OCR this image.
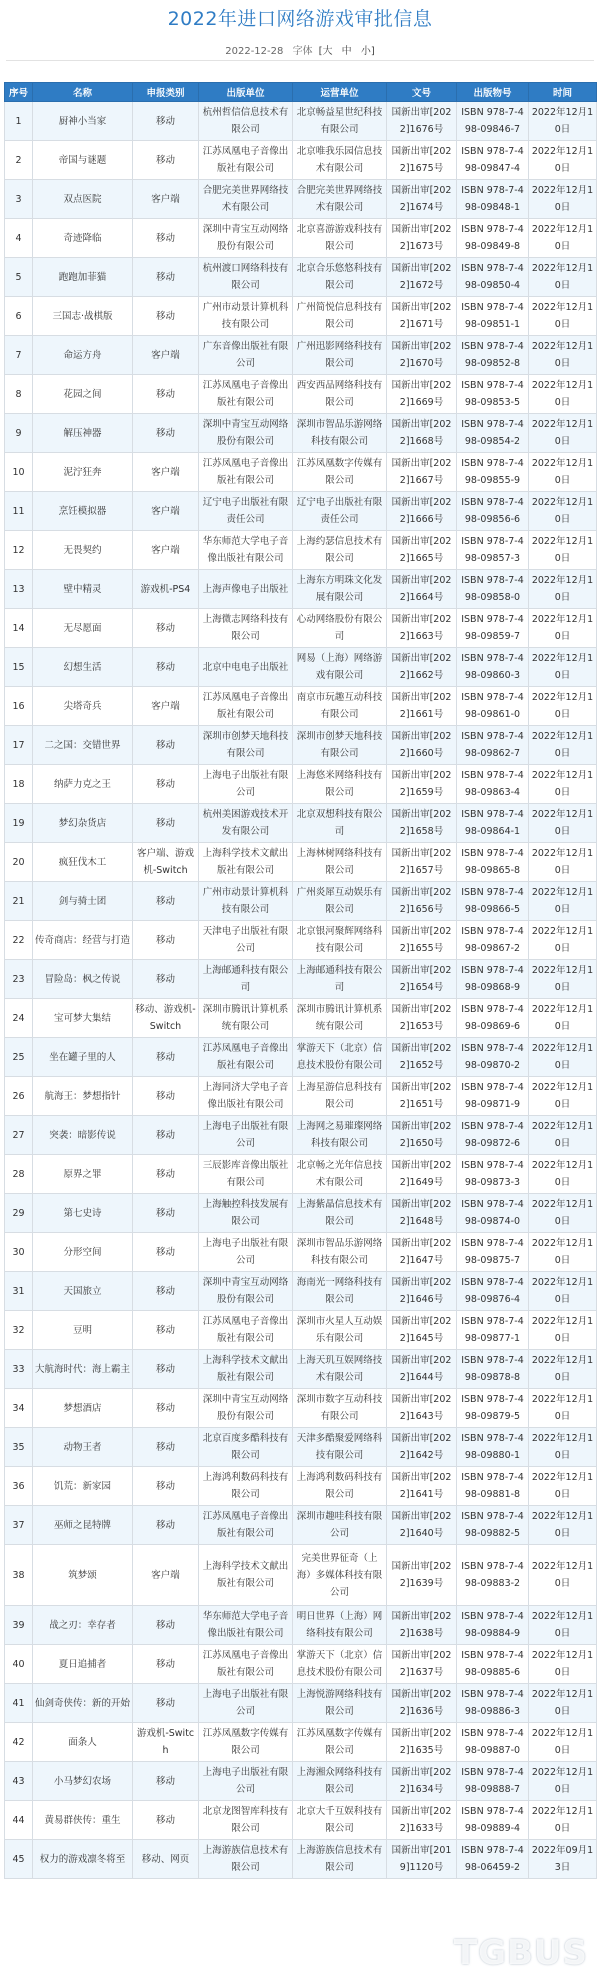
2022年进口网络游戏审批信息
2022-12-28 字体 [大 中 小]
序号	名称	申报类别	出版单位	运营单位	文号	出版物号	时间
1	厨神小当家	移动	杭州哲信信息技术有限公司	北京畅益星世纪科技有限公司	国新出审[2022]1676号	ISBN 978-7-498-09846-7	2022年12月10日
2	帝国与谜题	移动	江苏凤凰电子音像出版社有限公司	北京唯我乐园信息技术有限公司	国新出审[2022]1675号	ISBN 978-7-498-09847-4	2022年12月10日
3	双点医院	客户端	合肥完美世界网络技术有限公司	合肥完美世界网络技术有限公司	国新出审[2022]1674号	ISBN 978-7-498-09848-1	2022年12月10日
4	奇迹降临	移动	深圳中青宝互动网络股份有限公司	北京喜游游戏科技有限公司	国新出审[2022]1673号	ISBN 978-7-498-09849-8	2022年12月10日
5	跑跑加菲猫	移动	杭州渡口网络科技有限公司	北京合乐悠悠科技有限公司	国新出审[2022]1672号	ISBN 978-7-498-09850-4	2022年12月10日
6	三国志·战棋版	移动	广州市动景计算机科技有限公司	广州简悦信息科技有限公司	国新出审[2022]1671号	ISBN 978-7-498-09851-1	2022年12月10日
7	命运方舟	客户端	广东音像出版社有限公司	广州迅影网络科技有限公司	国新出审[2022]1670号	ISBN 978-7-498-09852-8	2022年12月10日
8	花园之间	移动	江苏凤凰电子音像出版社有限公司	西安西品网络科技有限公司	国新出审[2022]1669号	ISBN 978-7-498-09853-5	2022年12月10日
9	解压神器	移动	深圳中青宝互动网络股份有限公司	深圳市智品乐游网络科技有限公司	国新出审[2022]1668号	ISBN 978-7-498-09854-2	2022年12月10日
10	泥泞狂奔	客户端	江苏凤凰电子音像出版社有限公司	江苏凤凰数字传媒有限公司	国新出审[2022]1667号	ISBN 978-7-498-09855-9	2022年12月10日
11	烹饪模拟器	客户端	辽宁电子出版社有限责任公司	辽宁电子出版社有限责任公司	国新出审[2022]1666号	ISBN 978-7-498-09856-6	2022年12月10日
12	无畏契约	客户端	华东师范大学电子音像出版社有限公司	上海约瑟信息技术有限公司	国新出审[2022]1665号	ISBN 978-7-498-09857-3	2022年12月10日
13	壁中精灵	游戏机-PS4	上海声像电子出版社	上海东方明珠文化发展有限公司	国新出审[2022]1664号	ISBN 978-7-498-09858-0	2022年12月10日
14	无尽愿面	移动	上海微志网络科技有限公司	心动网络股份有限公司	国新出审[2022]1663号	ISBN 978-7-498-09859-7	2022年12月10日
15	幻想生活	移动	北京中电电子出版社	网易（上海）网络游戏有限公司	国新出审[2022]1662号	ISBN 978-7-498-09860-3	2022年12月10日
16	尖塔奇兵	客户端	江苏凤凰电子音像出版社有限公司	南京市玩趣互动科技有限公司	国新出审[2022]1661号	ISBN 978-7-498-09861-0	2022年12月10日
17	二之国：交错世界	移动	深圳市创梦天地科技有限公司	深圳市创梦天地科技有限公司	国新出审[2022]1660号	ISBN 978-7-498-09862-7	2022年12月10日
18	纳萨力克之王	移动	上海电子出版社有限公司	上海悠米网络科技有限公司	国新出审[2022]1659号	ISBN 978-7-498-09863-4	2022年12月10日
19	梦幻杂货店	移动	杭州美困游戏技术开发有限公司	北京双想科技有限公司	国新出审[2022]1658号	ISBN 978-7-498-09864-1	2022年12月10日
20	疯狂伐木工	客户端、游戏机-Switch	上海科学技术文献出版社有限公司	上海林树网络科技有限公司	国新出审[2022]1657号	ISBN 978-7-498-09865-8	2022年12月10日
21	剑与骑士团	移动	广州市动景计算机科技有限公司	广州炎犀互动娱乐有限公司	国新出审[2022]1656号	ISBN 978-7-498-09866-5	2022年12月10日
22	传奇商店：经营与打造	移动	天津电子出版社有限公司	北京银河聚辉网络科技有限公司	国新出审[2022]1655号	ISBN 978-7-498-09867-2	2022年12月10日
23	冒险岛：枫之传说	移动	上海邮通科技有限公司	上海邮通科技有限公司	国新出审[2022]1654号	ISBN 978-7-498-09868-9	2022年12月10日
24	宝可梦大集结	移动、游戏机-Switch	深圳市腾讯计算机系统有限公司	深圳市腾讯计算机系统有限公司	国新出审[2022]1653号	ISBN 978-7-498-09869-6	2022年12月10日
25	坐在罐子里的人	移动	江苏凤凰电子音像出版社有限公司	掌游天下（北京）信息技术股份有限公司	国新出审[2022]1652号	ISBN 978-7-498-09870-2	2022年12月10日
26	航海王：梦想指针	移动	上海同济大学电子音像出版社有限公司	上海星游信息科技有限公司	国新出审[2022]1651号	ISBN 978-7-498-09871-9	2022年12月10日
27	突袭：暗影传说	移动	上海电子出版社有限公司	上海网之易璀璨网络科技有限公司	国新出审[2022]1650号	ISBN 978-7-498-09872-6	2022年12月10日
28	原界之罪	移动	三辰影库音像出版社有限公司	北京畅之光年信息技术有限公司	国新出审[2022]1649号	ISBN 978-7-498-09873-3	2022年12月10日
29	第七史诗	移动	上海触控科技发展有限公司	上海紫晶信息技术有限公司	国新出审[2022]1648号	ISBN 978-7-498-09874-0	2022年12月10日
30	分形空间	移动	上海电子出版社有限公司	深圳市智品乐游网络科技有限公司	国新出审[2022]1647号	ISBN 978-7-498-09875-7	2022年12月10日
31	天国旅立	移动	深圳中青宝互动网络股份有限公司	海南光一网络科技有限公司	国新出审[2022]1646号	ISBN 978-7-498-09876-4	2022年12月10日
32	豆明	移动	江苏凤凰电子音像出版社有限公司	深圳市火星人互动娱乐有限公司	国新出审[2022]1645号	ISBN 978-7-498-09877-1	2022年12月10日
33	大航海时代：海上霸主	移动	上海科学技术文献出版社有限公司	上海天玑互娱网络技术有限公司	国新出审[2022]1644号	ISBN 978-7-498-09878-8	2022年12月10日
34	梦想酒店	移动	深圳中青宝互动网络股份有限公司	深圳市数字互动科技有限公司	国新出审[2022]1643号	ISBN 978-7-498-09879-5	2022年12月10日
35	动物王者	移动	北京百度多酷科技有限公司	天津多酷聚爱网络科技有限公司	国新出审[2022]1642号	ISBN 978-7-498-09880-1	2022年12月10日
36	饥荒：新家园	移动	上海鸿利数码科技有限公司	上海鸿利数码科技有限公司	国新出审[2022]1641号	ISBN 978-7-498-09881-8	2022年12月10日
37	巫师之昆特牌	移动	江苏凤凰电子音像出版社有限公司	深圳市趣哇科技有限公司	国新出审[2022]1640号	ISBN 978-7-498-09882-5	2022年12月10日
38	筑梦颂	客户端	上海科学技术文献出版社有限公司	完美世界征奇（上海）多媒体科技有限公司	国新出审[2022]1639号	ISBN 978-7-498-09883-2	2022年12月10日
39	战之刃：幸存者	移动	华东师范大学电子音像出版社有限公司	明日世界（上海）网络科技有限公司	国新出审[2022]1638号	ISBN 978-7-498-09884-9	2022年12月10日
40	夏日追捕者	移动	江苏凤凰电子音像出版社有限公司	掌游天下（北京）信息技术股份有限公司	国新出审[2022]1637号	ISBN 978-7-498-09885-6	2022年12月10日
41	仙剑奇侠传：新的开始	移动	上海电子出版社有限公司	上海悦游网络科技有限公司	国新出审[2022]1636号	ISBN 978-7-498-09886-3	2022年12月10日
42	面条人	游戏机-Switch	江苏凤凰数字传媒有限公司	江苏凤凰数字传媒有限公司	国新出审[2022]1635号	ISBN 978-7-498-09887-0	2022年12月10日
43	小马梦幻农场	移动	上海电子出版社有限公司	上海湘众网络科技有限公司	国新出审[2022]1634号	ISBN 978-7-498-09888-7	2022年12月10日
44	黄易群侠传：重生	移动	北京龙图智库科技有限公司	北京大千互娱科技有限公司	国新出审[2022]1633号	ISBN 978-7-498-09889-4	2022年12月10日
45	权力的游戏凛冬将至	移动、网页	上海游族信息技术有限公司	上海游族信息技术有限公司	国新出审[2019]1120号	ISBN 978-7-498-06459-2	2022年09月13日
TGBUS
